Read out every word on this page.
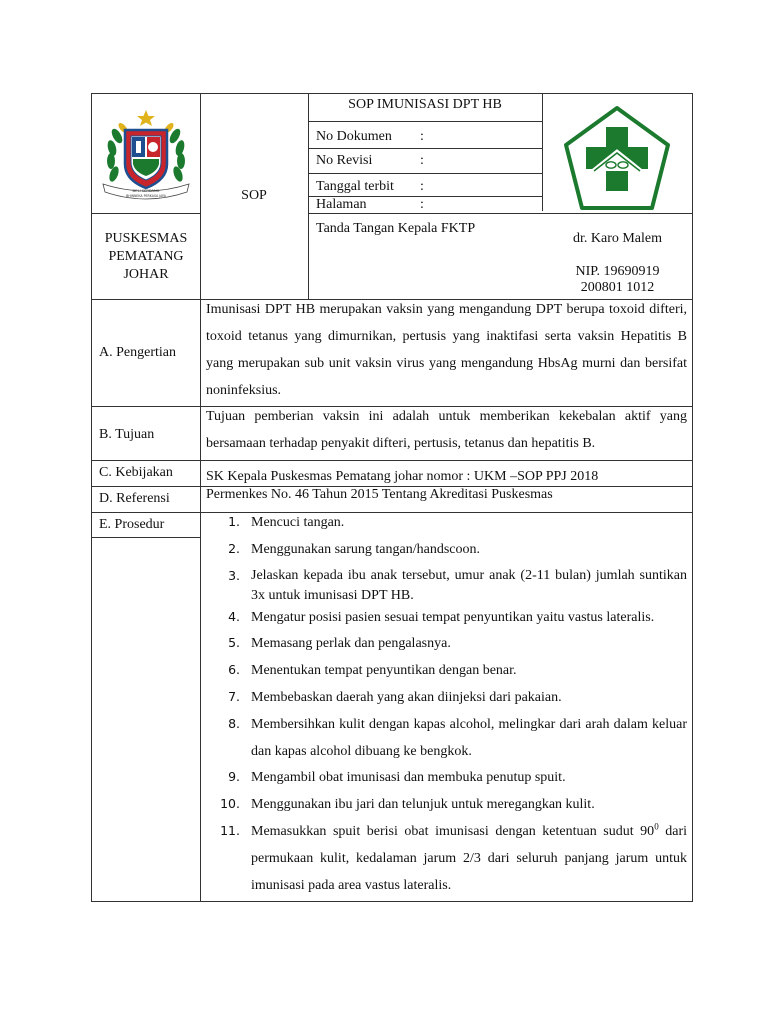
DELI SERDANG
BHINNEKA PERKASA JAYA
PUSKESMAS
PEMATANG
JOHAR
SOP
SOP IMUNISASI DPT HB
No Dokumen :
No Revisi	:
Tanggal terbit :
Halaman	:
Tanda Tangan Kepala FKTP
dr. Karo Malem
NIP. 19690919
200801 1012
A. Pengertian
B. Tujuan
C. Kebijakan
D. Referensi
E. Prosedur
Imunisasi DPT HB merupakan vaksin yang mengandung DPT berupa toxoid difteri, toxoid tetanus yang dimurnikan, pertusis yang inaktifasi serta vaksin Hepatitis B yang merupakan sub unit vaksin virus yang mengandung HbsAg murni dan bersifat noninfeksius.
Tujuan pemberian vaksin ini adalah untuk memberikan kekebalan aktif yang bersamaan terhadap penyakit difteri, pertusis, tetanus dan hepatitis B.
SK Kepala Puskesmas Pematang johar nomor : UKM –SOP PPJ 2018
Permenkes No. 46 Tahun 2015 Tentang Akreditasi Puskesmas
1. Mencuci tangan.
2. Menggunakan sarung tangan/handscoon.
3. Jelaskan kepada ibu anak tersebut, umur anak (2-11 bulan) jumlah suntikan 3x untuk imunisasi DPT HB.
4. Mengatur posisi pasien sesuai tempat penyuntikan yaitu vastus lateralis.
5. Memasang perlak dan pengalasnya.
6. Menentukan tempat penyuntikan dengan benar.
7. Membebaskan daerah yang akan diinjeksi dari pakaian.
8. Membersihkan kulit dengan kapas alcohol, melingkar dari arah dalam keluar dan kapas alcohol dibuang ke bengkok.
9. Mengambil obat imunisasi dan membuka penutup spuit.
10. Menggunakan ibu jari dan telunjuk untuk meregangkan kulit.
11. Memasukkan spuit berisi obat imunisasi dengan ketentuan sudut $90^0$ dari permukaan kulit, kedalaman jarum 2/3 dari seluruh panjang jarum untuk imunisasi pada area vastus lateralis.
